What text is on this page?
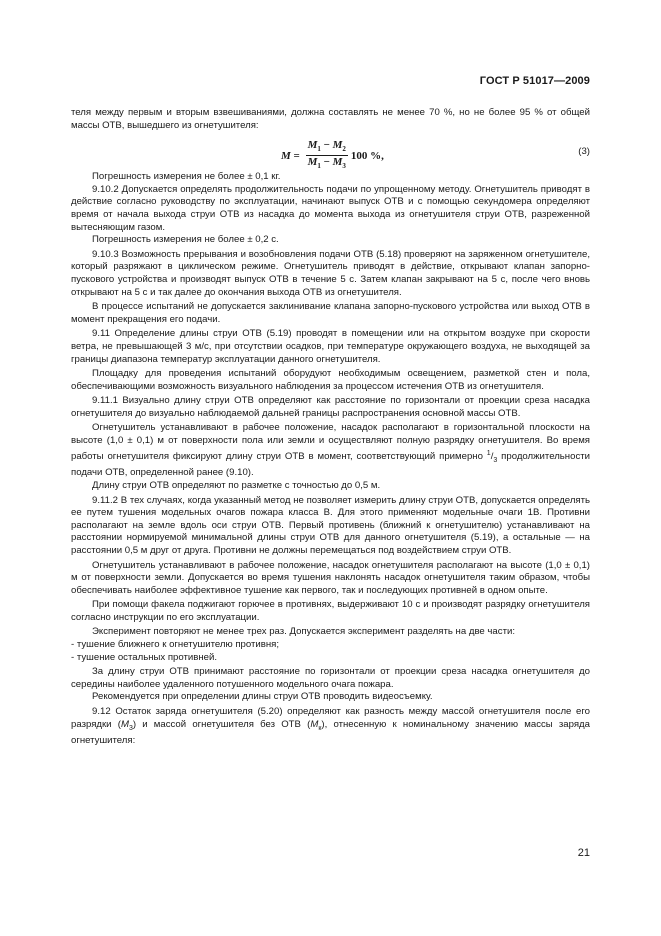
ГОСТ Р 51017—2009

теля между первым и вторым взвешиваниями, должна составлять не менее 70 %, но не более 95 % от общей массы ОТВ, вышедшего из огнетушителя:

$M = \frac{M_1 - M_2}{M_1 - M_3} 100$ %,	(3)

Погрешность измерения не более ± 0,1 кг.

9.10.2 Допускается определять продолжительность подачи по упрощенному методу. Огнетушитель приводят в действие согласно руководству по эксплуатации, начинают выпуск ОТВ и с помощью секундомера определяют время от начала выхода струи ОТВ из насадка до момента выхода из огнетушителя струи ОТВ, разреженной вытесняющим газом.

Погрешность измерения не более ± 0,2 с.

9.10.3 Возможность прерывания и возобновления подачи ОТВ (5.18) проверяют на заряженном огнетушителе, который разряжают в циклическом режиме. Огнетушитель приводят в действие, открывают клапан запорно-пускового устройства и производят выпуск ОТВ в течение 5 с. Затем клапан закрывают на 5 с, после чего вновь открывают на 5 с и так далее до окончания выхода ОТВ из огнетушителя.

В процессе испытаний не допускается заклинивание клапана запорно-пускового устройства или выход ОТВ в момент прекращения его подачи.

9.11 Определение длины струи ОТВ (5.19) проводят в помещении или на открытом воздухе при скорости ветра, не превышающей 3 м/с, при отсутствии осадков, при температуре окружающего воздуха, не выходящей за границы диапазона температур эксплуатации данного огнетушителя.

Площадку для проведения испытаний оборудуют необходимым освещением, разметкой стен и пола, обеспечивающими возможность визуального наблюдения за процессом истечения ОТВ из огнетушителя.

9.11.1 Визуально длину струи ОТВ определяют как расстояние по горизонтали от проекции среза насадка огнетушителя до визуально наблюдаемой дальней границы распространения основной массы ОТВ.

Огнетушитель устанавливают в рабочее положение, насадок располагают в горизонтальной плоскости на высоте (1,0 ± 0,1) м от поверхности пола или земли и осуществляют полную разрядку огнетушителя. Во время работы огнетушителя фиксируют длину струи ОТВ в момент, соответствующий примерно $^1/_3$ продолжительности подачи ОТВ, определенной ранее (9.10).

Длину струи ОТВ определяют по разметке с точностью до 0,5 м.

9.11.2 В тех случаях, когда указанный метод не позволяет измерить длину струи ОТВ, допускается определять ее путем тушения модельных очагов пожара класса В. Для этого применяют модельные очаги 1В. Противни располагают на земле вдоль оси струи ОТВ. Первый противень (ближний к огнетушителю) устанавливают на расстоянии нормируемой минимальной длины струи ОТВ для данного огнетушителя (5.19), а остальные — на расстоянии 0,5 м друг от друга. Противни не должны перемещаться под воздействием струи ОТВ.

Огнетушитель устанавливают в рабочее положение, насадок огнетушителя располагают на высоте (1,0 ± 0,1) м от поверхности земли. Допускается во время тушения наклонять насадок огнетушителя таким образом, чтобы обеспечивать наиболее эффективное тушение как первого, так и последующих противней в одном опыте.

При помощи факела поджигают горючее в противнях, выдерживают 10 с и производят разрядку огнетушителя согласно инструкции по его эксплуатации.

Эксперимент повторяют не менее трех раз. Допускается эксперимент разделять на две части:

- тушение ближнего к огнетушителю противня;

- тушение остальных противней.

За длину струи ОТВ принимают расстояние по горизонтали от проекции среза насадка огнетушителя до середины наиболее удаленного потушенного модельного очага пожара.

Рекомендуется при определении длины струи ОТВ проводить видеосъемку.

9.12 Остаток заряда огнетушителя (5.20) определяют как разность между массой огнетушителя после его разрядки $(М_3)$ и массой огнетушителя без ОТВ $(М_к)$, отнесенную к номинальному значению массы заряда огнетушителя:

21
